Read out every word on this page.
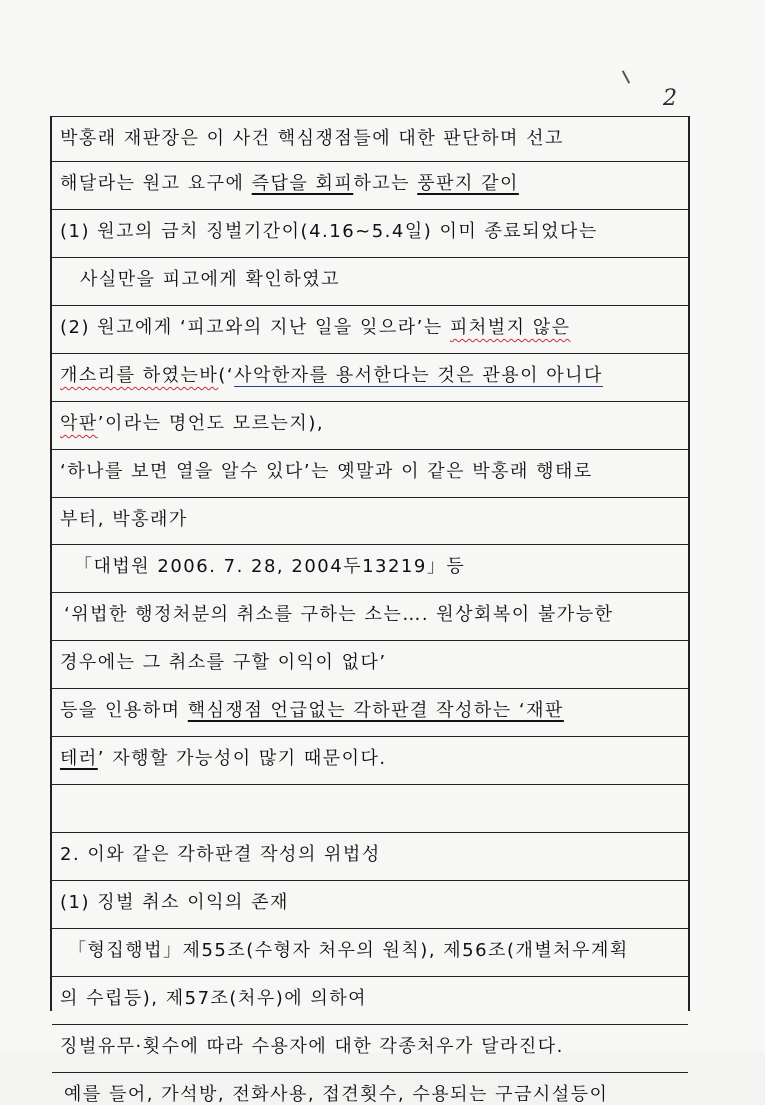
2
박홍래 재판장은 이 사건 핵심쟁점들에 대한 판단하며 선고
해달라는 원고 요구에 즉답을 회피하고는 풍판지 같이
(1) 원고의 금치 징벌기간이(4.16~5.4일) 이미 종료되었다는
사실만을 피고에게 확인하였고
(2) 원고에게 ‘피고와의 지난 일을 잊으라’는 피처벌지 않은
개소리를 하였는바(‘사악한자를 용서한다는 것은 관용이 아니다
악판’이라는 명언도 모르는지),
‘하나를 보면 열을 알수 있다’는 옛말과 이 같은 박홍래 행태로
부터, 박홍래가
「대법원 2006. 7. 28, 2004두13219」등
‘위법한 행정처분의 취소를 구하는 소는…. 원상회복이 불가능한
경우에는 그 취소를 구할 이익이 없다’
등을 인용하며 핵심쟁점 언급없는 각하판결 작성하는 ‘재판
테러’ 자행할 가능성이 많기 때문이다.
2. 이와 같은 각하판결 작성의 위법성
(1) 징벌 취소 이익의 존재
「형집행법」제55조(수형자 처우의 원칙), 제56조(개별처우계획
의 수립등), 제57조(처우)에 의하여
징벌유무·횟수에 따라 수용자에 대한 각종처우가 달라진다.
예를 들어, 가석방, 전화사용, 접견횟수, 수용되는 구금시설등이
